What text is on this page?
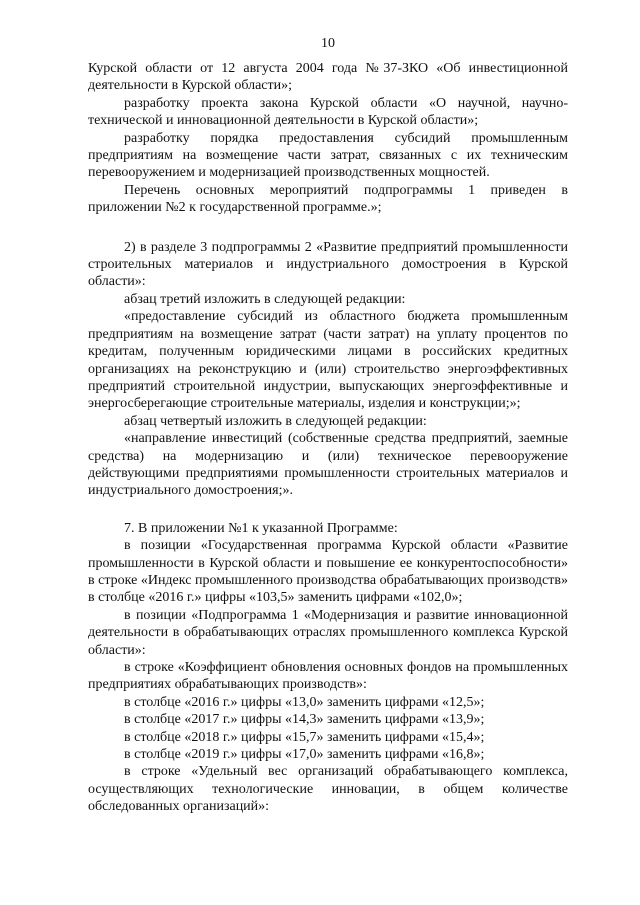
10

Курской области от 12 августа 2004 года №37-ЗКО «Об инвестиционной деятельности в Курской области»;

разработку проекта закона Курской области «О научной, научно-технической и инновационной деятельности в Курской области»;

разработку порядка предоставления субсидий промышленным предприятиям на возмещение части затрат, связанных с их техническим перевооружением и модернизацией производственных мощностей.

Перечень основных мероприятий подпрограммы 1 приведен в приложении №2 к государственной программе.»;

2) в разделе 3 подпрограммы 2 «Развитие предприятий промышленности строительных материалов и индустриального домостроения в Курской области»:

абзац третий изложить в следующей редакции:

«предоставление субсидий из областного бюджета промышленным предприятиям на возмещение затрат (части затрат) на уплату процентов по кредитам, полученным юридическими лицами в российских кредитных организациях на реконструкцию и (или) строительство энергоэффективных предприятий строительной индустрии, выпускающих энергоэффективные и энергосберегающие строительные материалы, изделия и конструкции;»;

абзац четвертый изложить в следующей редакции:

«направление инвестиций (собственные средства предприятий, заемные средства) на модернизацию и (или) техническое перевооружение действующими предприятиями промышленности строительных материалов и индустриального домостроения;».

7. В приложении №1 к указанной Программе:

в позиции «Государственная программа Курской области «Развитие промышленности в Курской области и повышение ее конкурентоспособности» в строке «Индекс промышленного производства обрабатывающих производств» в столбце «2016 г.» цифры «103,5» заменить цифрами «102,0»;

в позиции «Подпрограмма 1 «Модернизация и развитие инновационной деятельности в обрабатывающих отраслях промышленного комплекса Курской области»:

в строке «Коэффициент обновления основных фондов на промышленных предприятиях обрабатывающих производств»:

в столбце «2016 г.» цифры «13,0» заменить цифрами «12,5»;

в столбце «2017 г.» цифры «14,3» заменить цифрами «13,9»;

в столбце «2018 г.» цифры «15,7» заменить цифрами «15,4»;

в столбце «2019 г.» цифры «17,0» заменить цифрами «16,8»;

в строке «Удельный вес организаций обрабатывающего комплекса, осуществляющих технологические инновации, в общем количестве обследованных организаций»:
